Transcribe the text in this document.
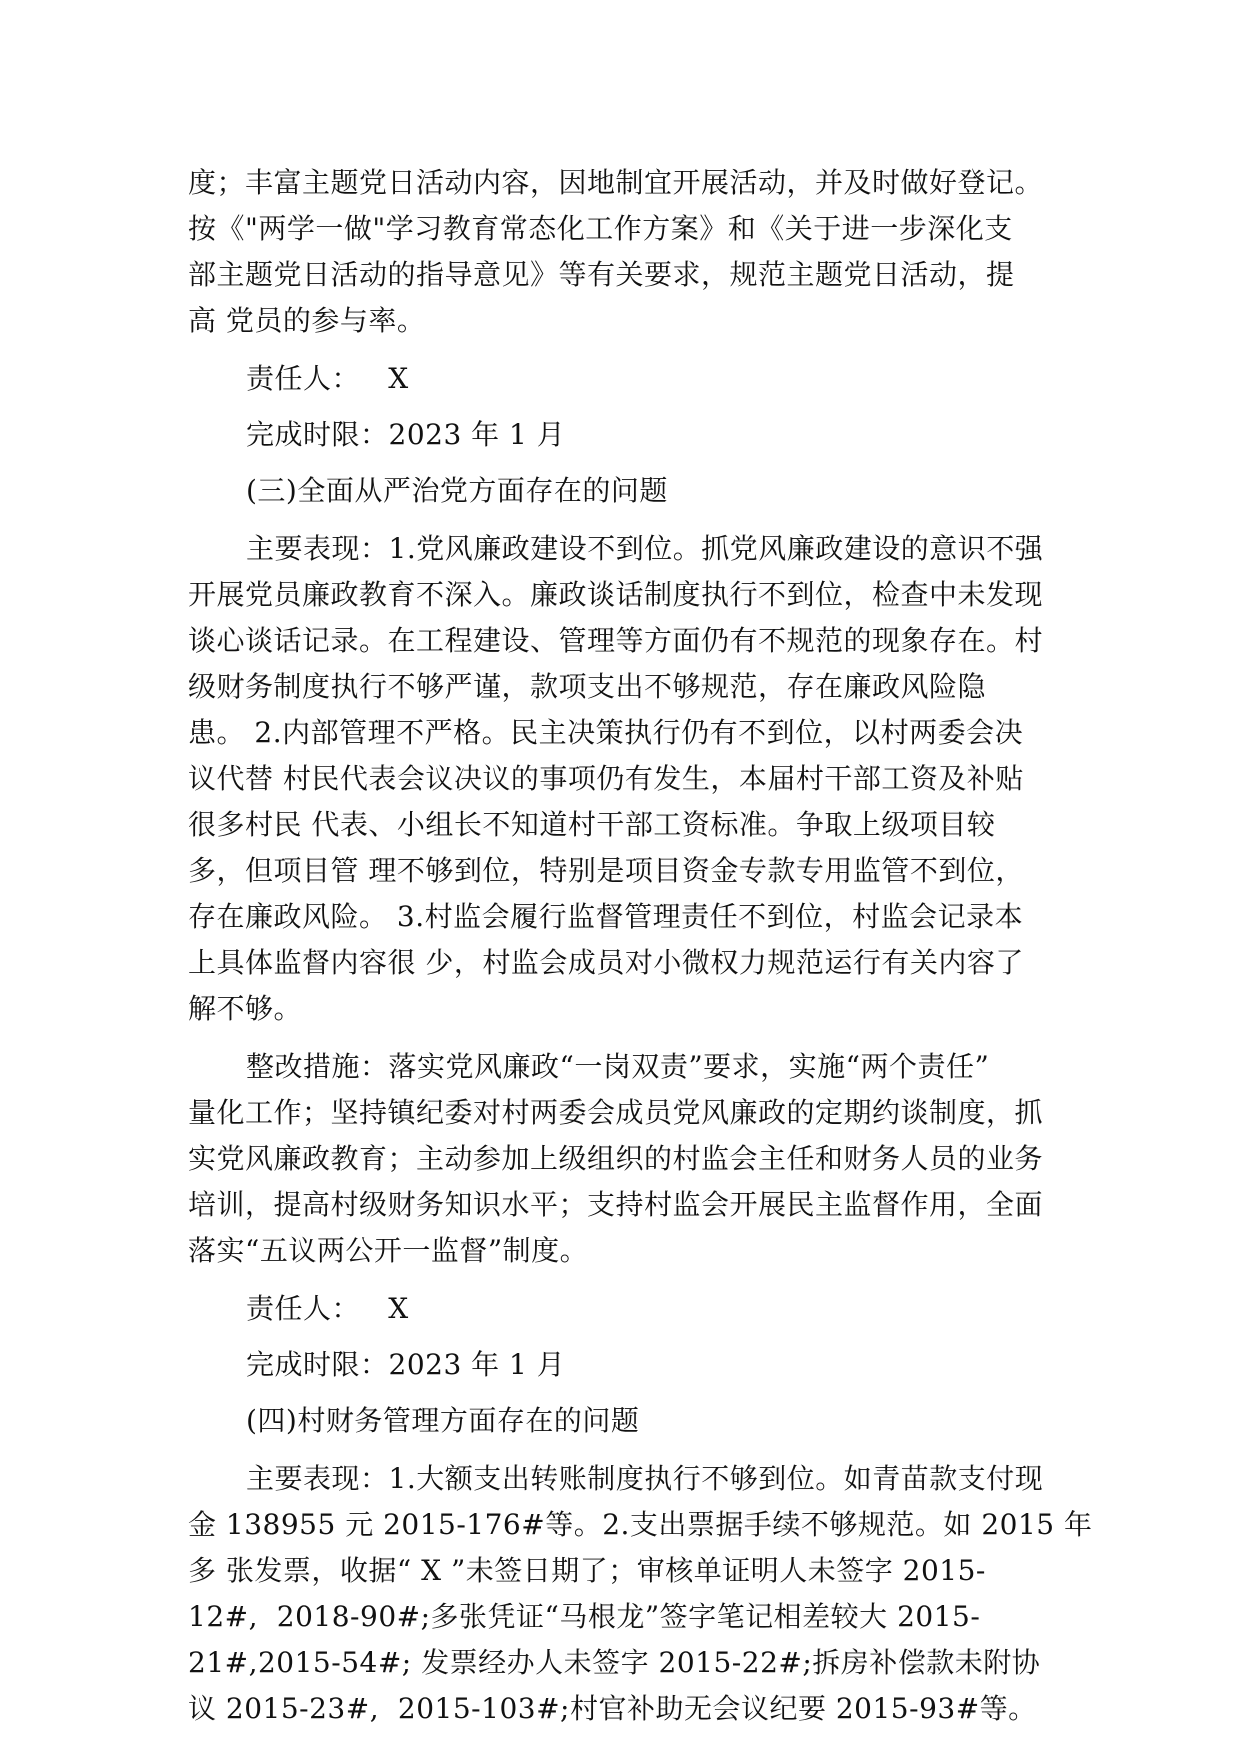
度；丰富主题党日活动内容，因地制宜开展活动，并及时做好登记。
按《"两学一做"学习教育常态化工作方案》和《关于进一步深化支
部主题党日活动的指导意见》等有关要求，规范主题党日活动，提
高 党员的参与率。
责任人：   X
完成时限：2023 年 1 月
(三)全面从严治党方面存在的问题
主要表现：1.党风廉政建设不到位。抓党风廉政建设的意识不强
开展党员廉政教育不深入。廉政谈话制度执行不到位，检查中未发现
谈心谈话记录。在工程建设、管理等方面仍有不规范的现象存在。村
级财务制度执行不够严谨，款项支出不够规范，存在廉政风险隐
患。 2.内部管理不严格。民主决策执行仍有不到位，以村两委会决
议代替 村民代表会议决议的事项仍有发生，本届村干部工资及补贴
很多村民 代表、小组长不知道村干部工资标准。争取上级项目较
多，但项目管 理不够到位，特别是项目资金专款专用监管不到位，
存在廉政风险。 3.村监会履行监督管理责任不到位，村监会记录本
上具体监督内容很 少，村监会成员对小微权力规范运行有关内容了
解不够。
整改措施：落实党风廉政“一岗双责”要求，实施“两个责任”
量化工作；坚持镇纪委对村两委会成员党风廉政的定期约谈制度，抓
实党风廉政教育；主动参加上级组织的村监会主任和财务人员的业务
培训，提高村级财务知识水平；支持村监会开展民主监督作用，全面
落实“五议两公开一监督”制度。
责任人：   X
完成时限：2023 年 1 月
(四)村财务管理方面存在的问题
主要表现：1.大额支出转账制度执行不够到位。如青苗款支付现
金 138955 元 2015-176#等。2.支出票据手续不够规范。如 2015 年
多 张发票，收据“ X ”未签日期了；审核单证明人未签字 2015-
12#,  2018-90#;多张凭证“马根龙”签字笔记相差较大 2015-
21#,2015-54#; 发票经办人未签字 2015-22#;拆房补偿款未附协
议 2015-23#,  2015-103#;村官补助无会议纪要 2015-93#等。
